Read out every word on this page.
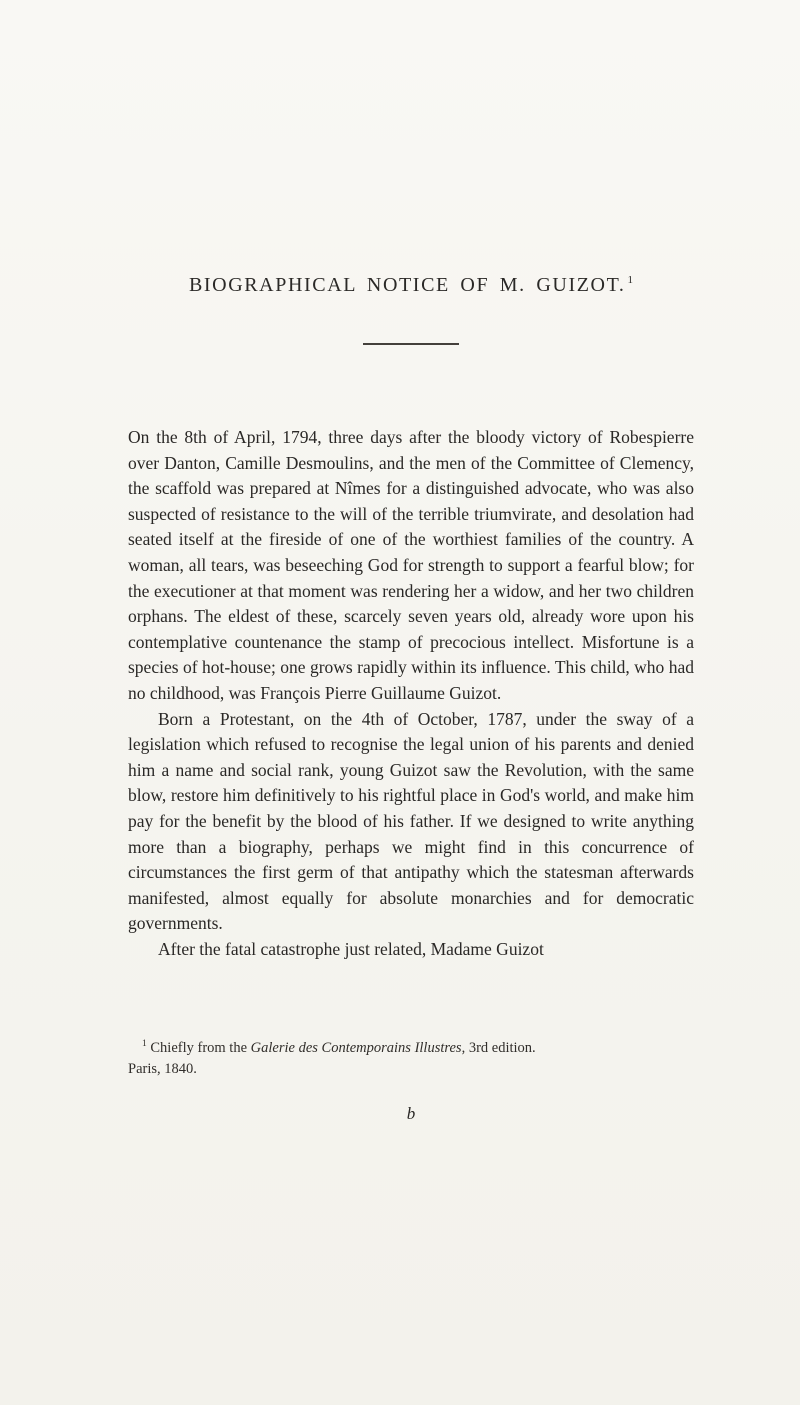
BIOGRAPHICAL NOTICE OF M. GUIZOT. $^1$

On the 8th of April, 1794, three days after the bloody victory of Robespierre over Danton, Camille Desmoulins, and the men of the Committee of Clemency, the scaffold was prepared at Nîmes for a distinguished advocate, who was also suspected of resistance to the will of the terrible triumvirate, and desolation had seated itself at the fireside of one of the worthiest families of the country. A woman, all tears, was beseeching God for strength to support a fearful blow; for the executioner at that moment was rendering her a widow, and her two children orphans. The eldest of these, scarcely seven years old, already wore upon his contemplative countenance the stamp of precocious intellect. Misfortune is a species of hot-house; one grows rapidly within its influence. This child, who had no childhood, was François Pierre Guillaume Guizot.

Born a Protestant, on the 4th of October, 1787, under the sway of a legislation which refused to recognise the legal union of his parents and denied him a name and social rank, young Guizot saw the Revolution, with the same blow, restore him definitively to his rightful place in God's world, and make him pay for the benefit by the blood of his father. If we designed to write anything more than a biography, perhaps we might find in this concurrence of circumstances the first germ of that antipathy which the statesman afterwards manifested, almost equally for absolute monarchies and for democratic governments.

After the fatal catastrophe just related, Madame Guizot

$^1$ Chiefly from the Galerie des Contemporains Illustres, 3rd edition.
Paris, 1840.
b
